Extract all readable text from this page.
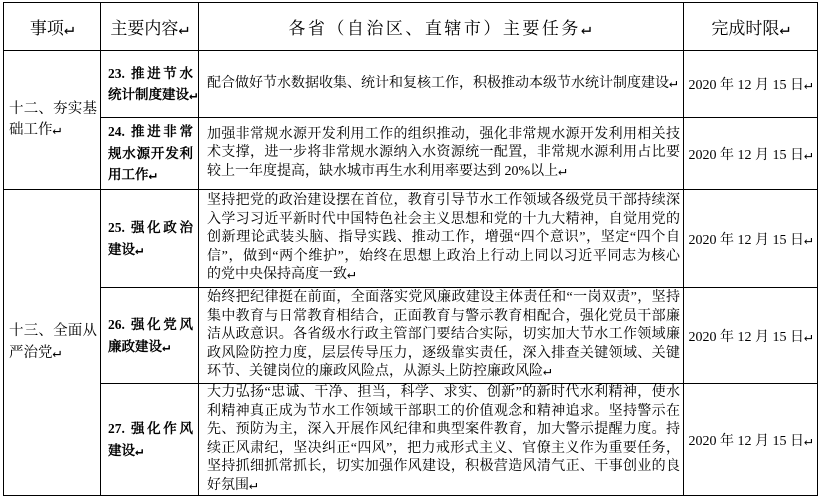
事项↵ 主要内容↵	各省（自治区、直辖市）主要任务↵	完成时限↵
十二、夯实基
础工作↵
23. 推进节水
统计制度建设↵
配合做好节水数据收集、统计和复核工作，积极推动本级节水统计制度建设↵ 2020 年 12 月 15 日↵
24. 推进非常
规水源开发利
用工作↵
加强非常规水源开发利用工作的组织推动，强化非常规水源开发利用相关技
术支撑，进一步将非常规水源纳入水资源统一配置，非常规水源利用占比要
较上一年度提高，缺水城市再生水利用率要达到 20%以上↵
2020 年 12 月 15 日↵
十三、全面从
严治党↵
25. 强化政治
建设↵
坚持把党的政治建设摆在首位，教育引导节水工作领域各级党员干部持续深
入学习习近平新时代中国特色社会主义思想和党的十九大精神，自觉用党的
创新理论武装头脑、指导实践、推动工作，增强“四个意识”，坚定“四个自
信”，做到“两个维护”，始终在思想上政治上行动上同以习近平同志为核心
的党中央保持高度一致↵
2020 年 12 月 15 日↵
26. 强化党风
廉政建设↵
始终把纪律挺在前面，全面落实党风廉政建设主体责任和“一岗双责”，坚持
集中教育与日常教育相结合，正面教育与警示教育相配合，强化党员干部廉
洁从政意识。各省级水行政主管部门要结合实际，切实加大节水工作领域廉
政风险防控力度，层层传导压力，逐级靠实责任，深入排查关键领域、关键
环节、关键岗位的廉政风险点，从源头上防控廉政风险↵
2020 年 12 月 15 日↵
27. 强化作风
建设↵
大力弘扬“忠诚、干净、担当，科学、求实、创新”的新时代水利精神，使水
利精神真正成为节水工作领域干部职工的价值观念和精神追求。坚持警示在
先、预防为主，深入开展作风纪律和典型案件教育，加大警示提醒力度。持
续正风肃纪，坚决纠正“四风”，把力戒形式主义、官僚主义作为重要任务，
坚持抓细抓常抓长，切实加强作风建设，积极营造风清气正、干事创业的良
好氛围↵
2020 年 12 月 15 日↵
